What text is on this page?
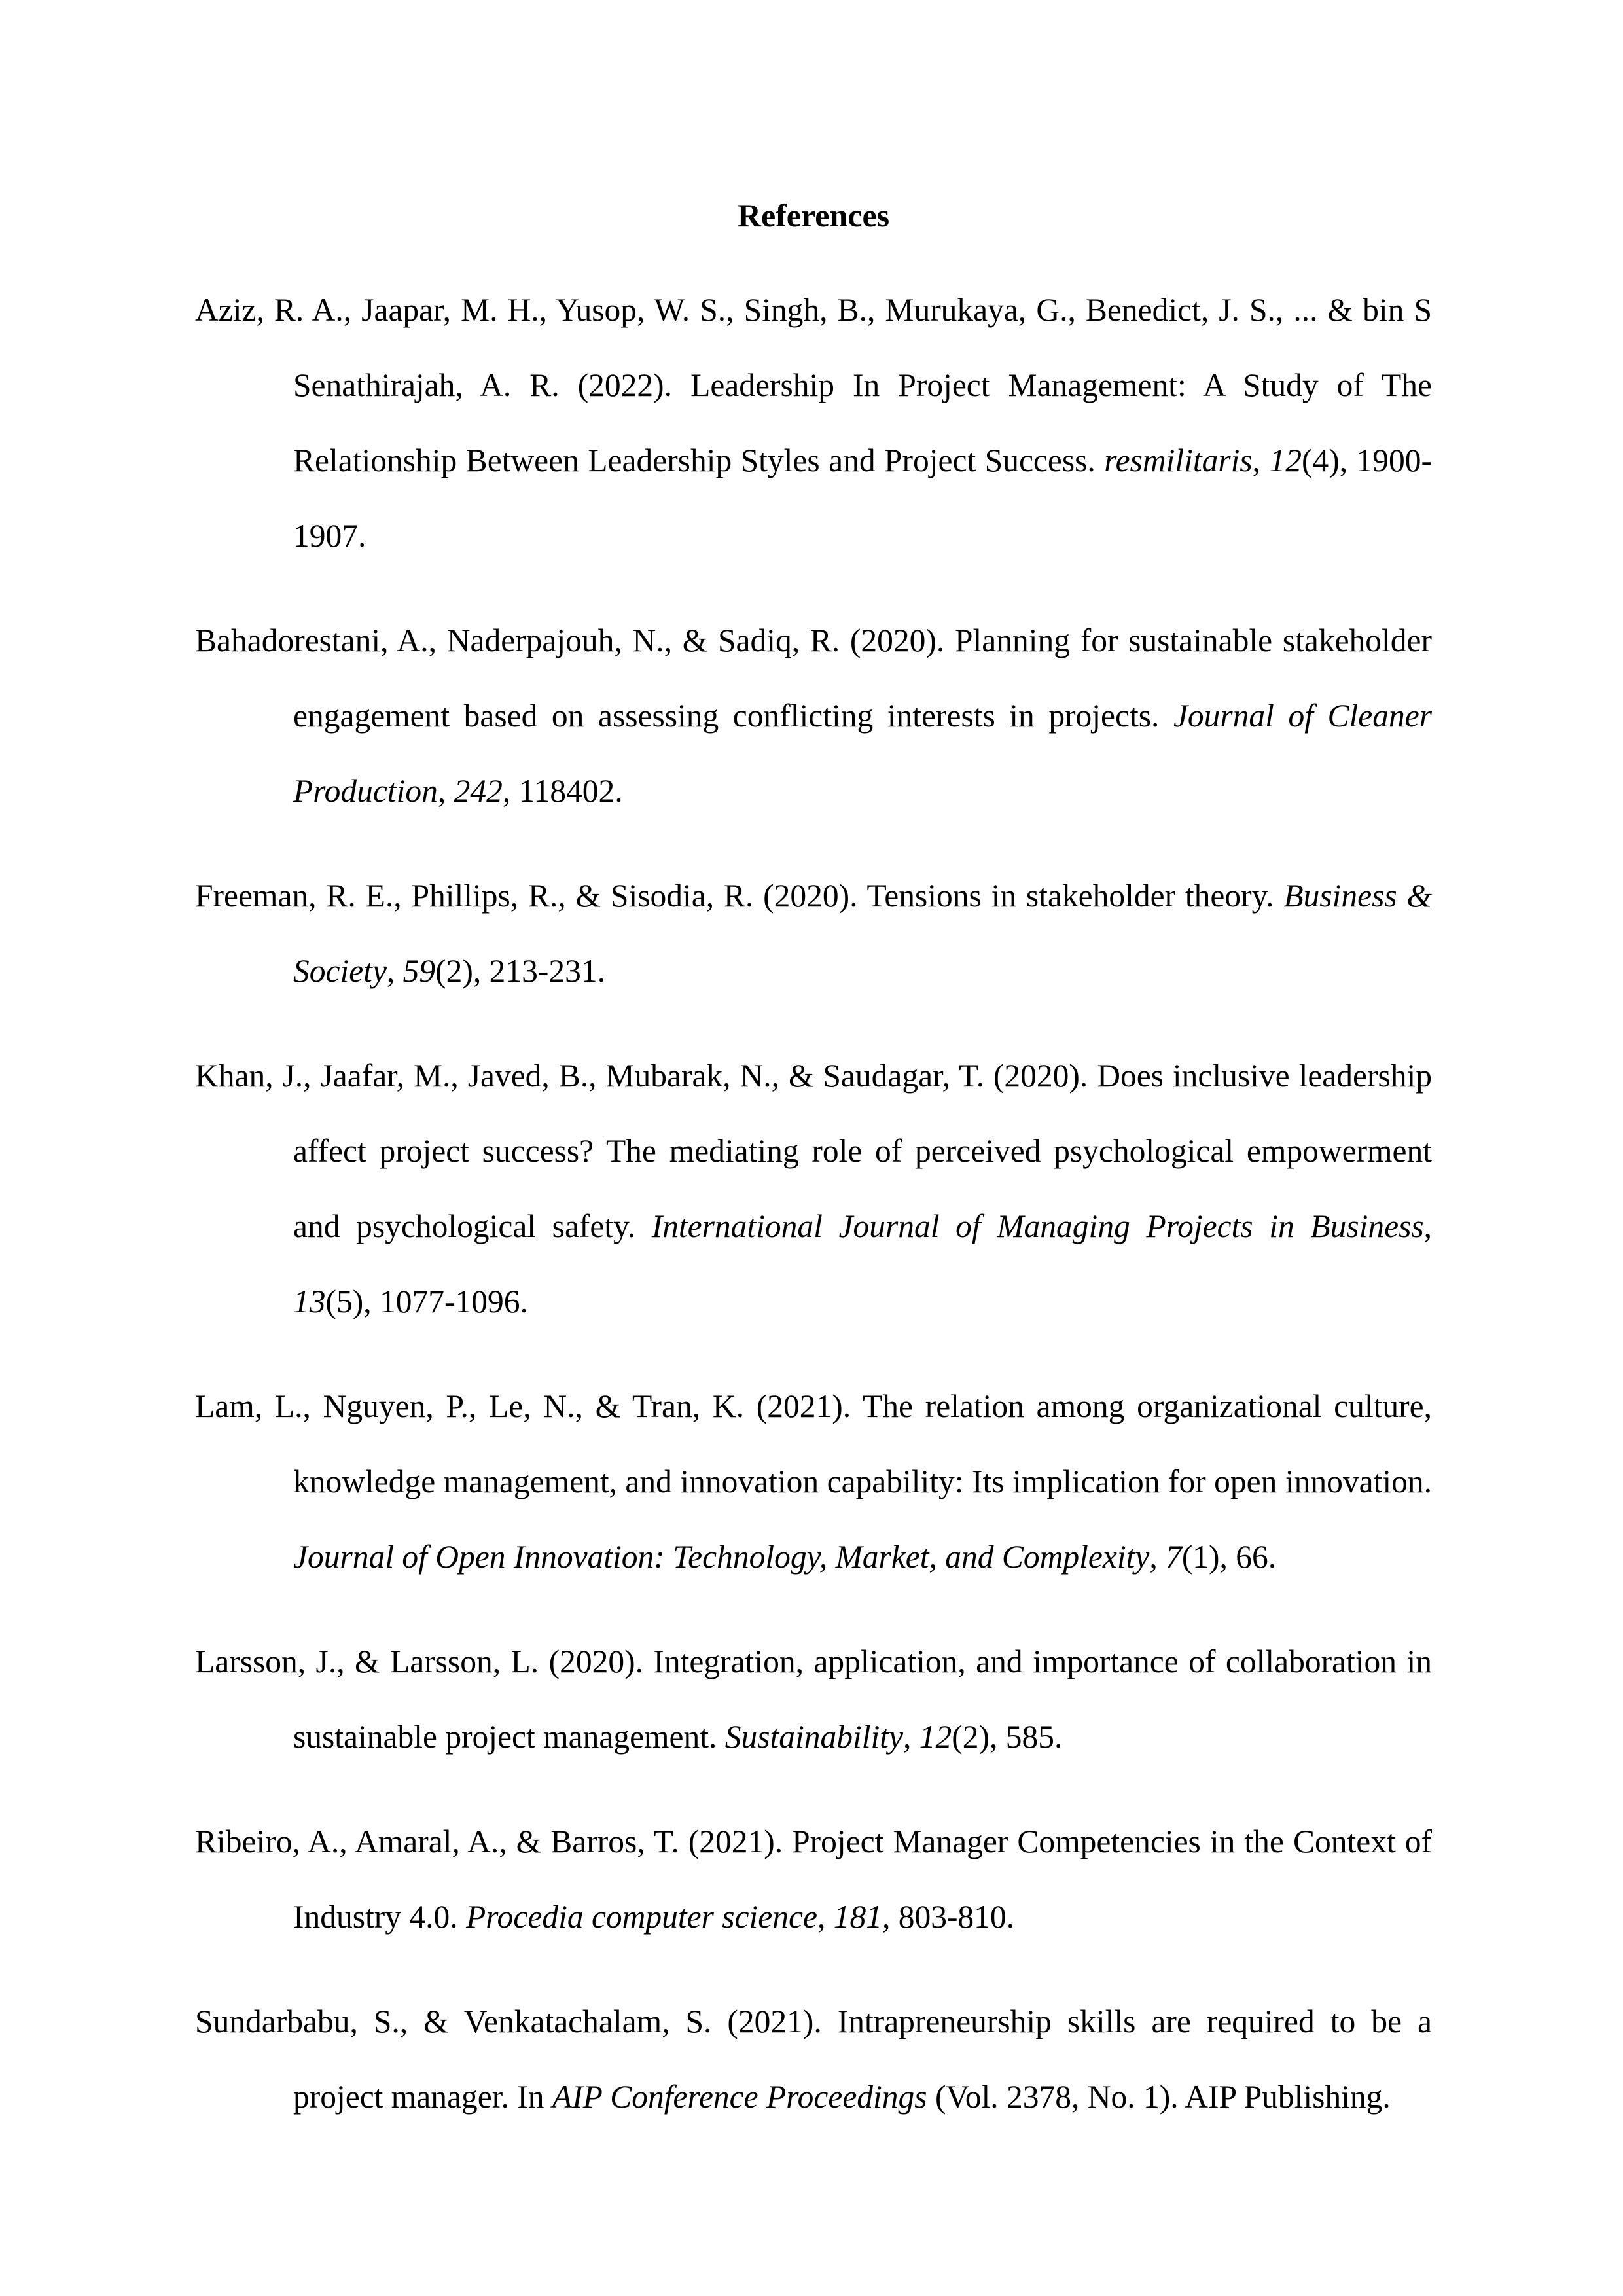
References

Aziz, R. A., Jaapar, M. H., Yusop, W. S., Singh, B., Murukaya, G., Benedict, J. S., ... & bin S Senathirajah, A. R. (2022). Leadership In Project Management: A Study of The Relationship Between Leadership Styles and Project Success. resmilitaris, 12(4), 1900-1907.

Bahadorestani, A., Naderpajouh, N., & Sadiq, R. (2020). Planning for sustainable stakeholder engagement based on assessing conflicting interests in projects. Journal of Cleaner Production, 242, 118402.

Freeman, R. E., Phillips, R., & Sisodia, R. (2020). Tensions in stakeholder theory. Business & Society, 59(2), 213-231.

Khan, J., Jaafar, M., Javed, B., Mubarak, N., & Saudagar, T. (2020). Does inclusive leadership affect project success? The mediating role of perceived psychological empowerment and psychological safety. International Journal of Managing Projects in Business, 13(5), 1077-1096.

Lam, L., Nguyen, P., Le, N., & Tran, K. (2021). The relation among organizational culture, knowledge management, and innovation capability: Its implication for open innovation. Journal of Open Innovation: Technology, Market, and Complexity, 7(1), 66.

Larsson, J., & Larsson, L. (2020). Integration, application, and importance of collaboration in sustainable project management. Sustainability, 12(2), 585.

Ribeiro, A., Amaral, A., & Barros, T. (2021). Project Manager Competencies in the Context of Industry 4.0. Procedia computer science, 181, 803-810.

Sundarbabu, S., & Venkatachalam, S. (2021). Intrapreneurship skills are required to be a project manager. In AIP Conference Proceedings (Vol. 2378, No. 1). AIP Publishing.
